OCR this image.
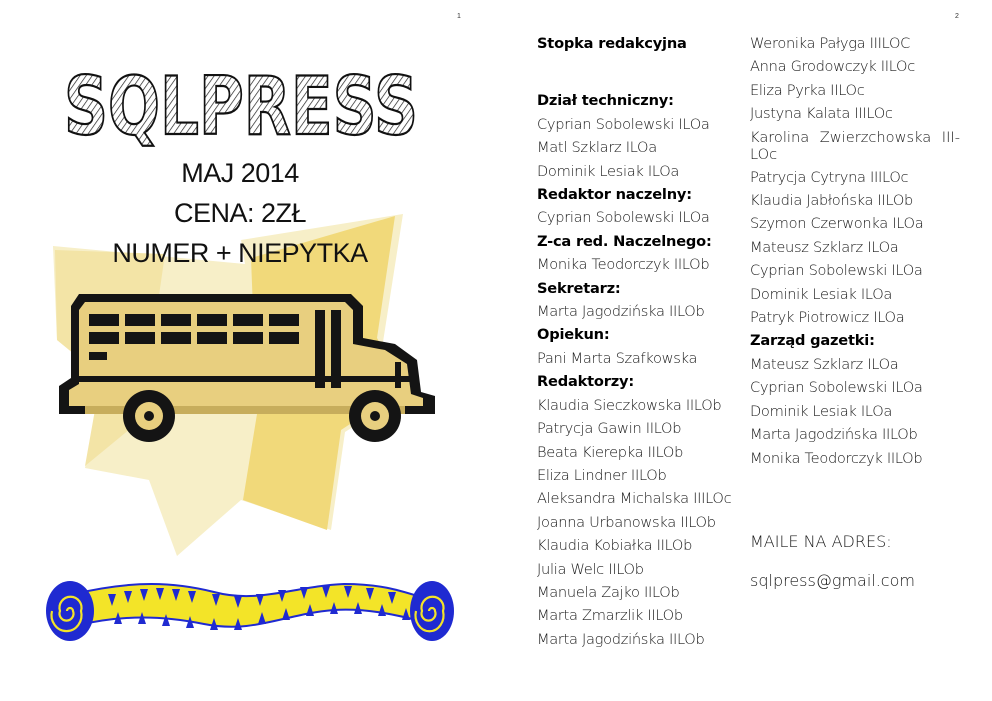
1	2
SQLPRESS
MAJ 2014
CENA: 2ZŁ
NUMER + NIEPYTKA
Stopka redakcyjna
Dział techniczny:
Cyprian Sobolewski ILOa
Matl Szklarz ILOa
Dominik Lesiak ILOa
Redaktor naczelny:
Cyprian Sobolewski ILOa
Z-ca red. Naczelnego:
Monika Teodorczyk IILOb
Sekretarz:
Marta Jagodzińska IILOb
Opiekun:
Pani Marta Szafkowska
Redaktorzy:
Klaudia Sieczkowska IILOb
Patrycja Gawin IILOb
Beata Kierepka IILOb
Eliza Lindner IILOb
Aleksandra Michalska IIILOc
Joanna Urbanowska IILOb
Klaudia Kobiałka IILOb
Julia Welc IILOb
Manuela Zajko IILOb
Marta Zmarzlik IILOb
Marta Jagodzińska IILOb
Weronika Pałyga IIILOC
Anna Grodowczyk IILOc
Eliza Pyrka IILOc
Justyna Kalata IIILOc
Karolina Zwierzchowska III-LOc
Patrycja Cytryna IIILOc
Klaudia Jabłońska IILOb
Szymon Czerwonka ILOa
Mateusz Szklarz ILOa
Cyprian Sobolewski ILOa
Dominik Lesiak ILOa
Patryk Piotrowicz ILOa
Zarząd gazetki:
Mateusz Szklarz ILOa
Cyprian Sobolewski ILOa
Dominik Lesiak ILOa
Marta Jagodzińska IILOb
Monika Teodorczyk IILOb
MAILE NA ADRES:
sqlpress@gmail.com
